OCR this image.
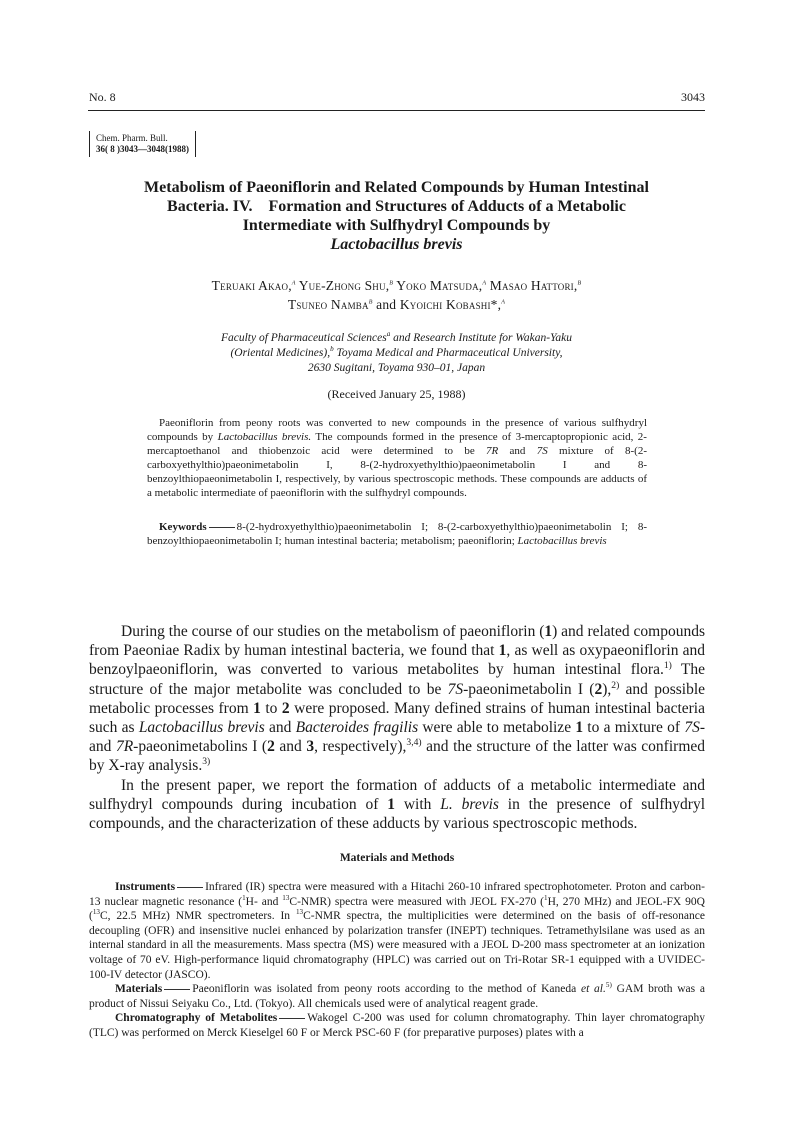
No. 8	3043
Chem. Pharm. Bull.
36( 8 )3043—3048(1988)
Metabolism of Paeoniflorin and Related Compounds by Human Intestinal
Bacteria. IV. Formation and Structures of Adducts of a Metabolic
Intermediate with Sulfhydryl Compounds by
Lactobacillus brevis
Teruaki Akao,$^a$ Yue-Zhong Shu,$^b$ Yoko Matsuda,$^a$ Masao Hattori,$^b$
Tsuneo Namba$^b$ and Kyoichi Kobashi*,$^a$
Faculty of Pharmaceutical Sciences$^a$ and Research Institute for Wakan-Yaku
(Oriental Medicines),$^b$ Toyama Medical and Pharmaceutical University,
2630 Sugitani, Toyama 930–01, Japan
(Received January 25, 1988)

Paeoniflorin from peony roots was converted to new compounds in the presence of various sulfhydryl compounds by Lactobacillus brevis. The compounds formed in the presence of 3-mercaptopropionic acid, 2-mercaptoethanol and thiobenzoic acid were determined to be 7R and 7S mixture of 8-(2-carboxyethylthio)paeonimetabolin I, 8-(2-hydroxyethylthio)paeonimetabolin I and 8-benzoylthiopaeonimetabolin I, respectively, by various spectroscopic methods. These compounds are adducts of a metabolic intermediate of paeoniflorin with the sulfhydryl compounds.

Keywords	8-(2-hydroxyethylthio)paeonimetabolin I; 8-(2-carboxyethylthio)paeonimetabolin I; 8-benzoylthiopaeonimetabolin I; human intestinal bacteria; metabolism; paeoniflorin; Lactobacillus brevis

During the course of our studies on the metabolism of paeoniflorin (1) and related compounds from Paeoniae Radix by human intestinal bacteria, we found that 1, as well as oxypaeoniflorin and benzoylpaeoniflorin, was converted to various metabolites by human intestinal flora.$^{1)}$ The structure of the major metabolite was concluded to be 7S-paeonimetabolin I (2),$^{2)}$ and possible metabolic processes from 1 to 2 were proposed. Many defined strains of human intestinal bacteria such as Lactobacillus brevis and Bacteroides fragilis were able to metabolize 1 to a mixture of 7S- and 7R-paeonimetabolins I (2 and 3, respectively),$^{3,4)}$ and the structure of the latter was confirmed by X-ray analysis.$^{3)}$

In the present paper, we report the formation of adducts of a metabolic intermediate and sulfhydryl compounds during incubation of 1 with L. brevis in the presence of sulfhydryl compounds, and the characterization of these adducts by various spectroscopic methods.

Materials and Methods

Instruments	Infrared (IR) spectra were measured with a Hitachi 260-10 infrared spectrophotometer. Proton and carbon-13 nuclear magnetic resonance ($^1$H- and $^{13}$C-NMR) spectra were measured with JEOL FX-270 ($^1$H, 270 MHz) and JEOL-FX 90Q ($^{13}$C, 22.5 MHz) NMR spectrometers. In $^{13}$C-NMR spectra, the multiplicities were determined on the basis of off-resonance decoupling (OFR) and insensitive nuclei enhanced by polarization transfer (INEPT) techniques. Tetramethylsilane was used as an internal standard in all the measurements. Mass spectra (MS) were measured with a JEOL D-200 mass spectrometer at an ionization voltage of 70 eV. High-performance liquid chromatography (HPLC) was carried out on Tri-Rotar SR-1 equipped with a UVIDEC-100-IV detector (JASCO).

Materials	Paeoniflorin was isolated from peony roots according to the method of Kaneda et al.$^{5)}$ GAM broth was a product of Nissui Seiyaku Co., Ltd. (Tokyo). All chemicals used were of analytical reagent grade.

Chromatography of Metabolites	Wakogel C-200 was used for column chromatography. Thin layer chromatography (TLC) was performed on Merck Kieselgel 60 F or Merck PSC-60 F (for preparative purposes) plates with a
